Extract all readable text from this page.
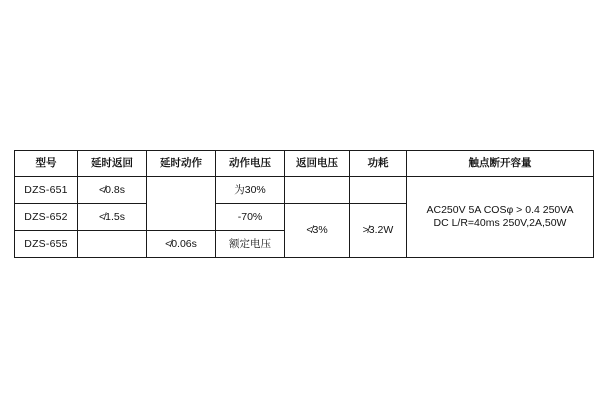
型号	延时返回	延时动作	动作电压	返回电压	功耗	触点断开容量
DZS-651	≮0.8s		为30%			AC250V 5A COSφ > 0.4 250VA
DC L/R=40ms 250V,2A,50W

DZS-652	≮1.5s		-70%	≮3%	≯3.2W	
DZS-655		≮0.06s	额定电压			
